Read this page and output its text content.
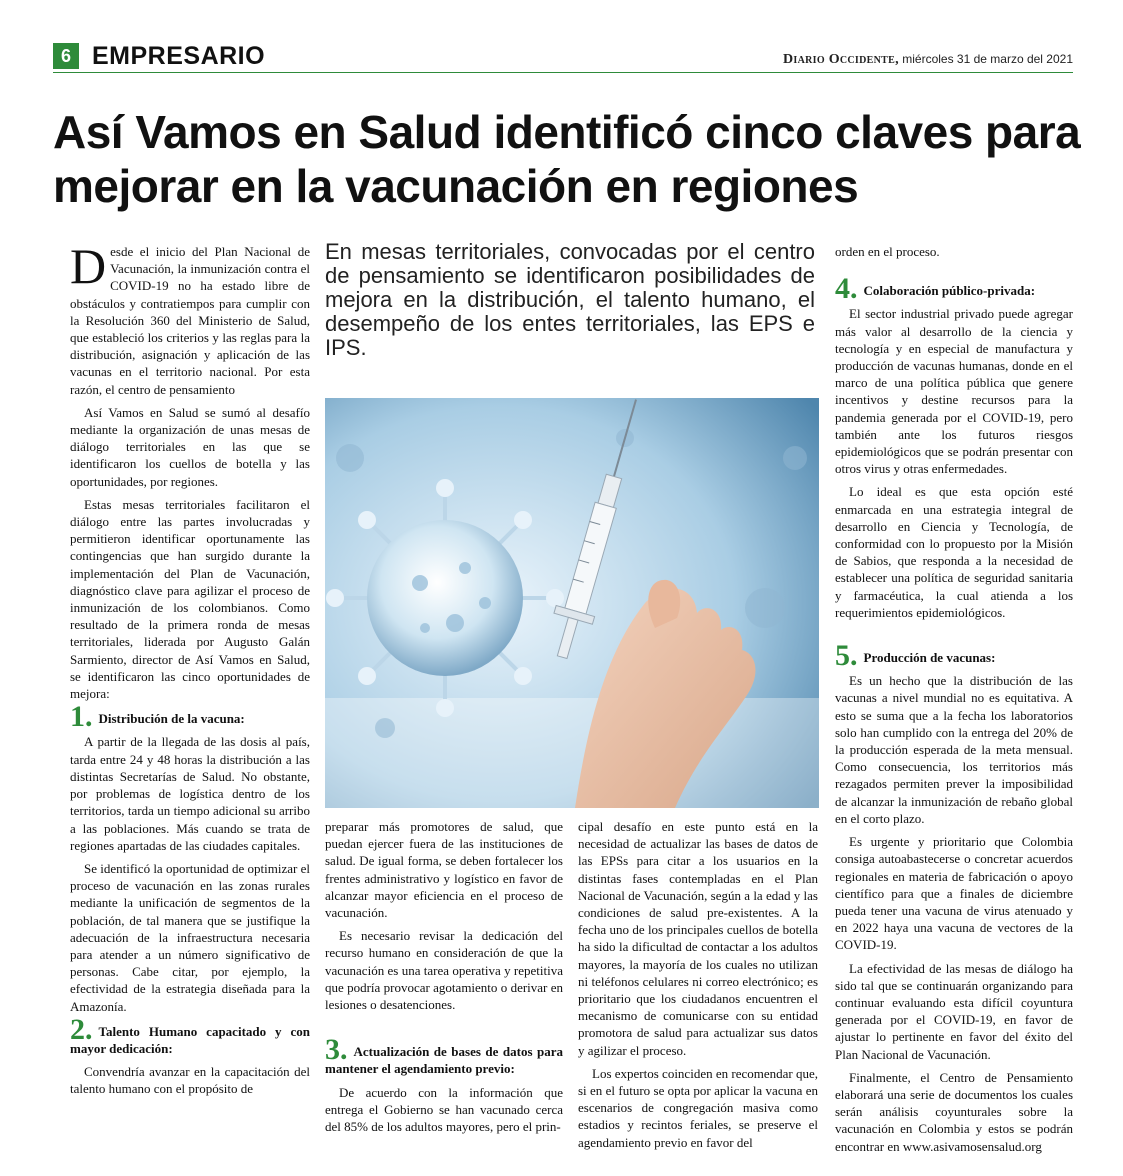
6 EMPRESARIO	Diario Occidente, miércoles 31 de marzo del 2021
Así Vamos en Salud identificó cinco claves para mejorar en la vacunación en regiones

Desde el inicio del Plan Nacional de Vacunación, la inmunización contra el COVID-19 no ha estado libre de obstáculos y contratiempos para cumplir con la Resolución 360 del Ministerio de Salud, que estableció los criterios y las reglas para la distribución, asignación y aplicación de las vacunas en el territorio nacional. Por esta razón, el centro de pensamiento

Así Vamos en Salud se sumó al desafío mediante la organización de unas mesas de diálogo territoriales en las que se identificaron los cuellos de botella y las oportunidades, por regiones.

Estas mesas territoriales facilitaron el diálogo entre las partes involucradas y permitieron identificar oportunamente las contingencias que han surgido durante la implementación del Plan de Vacunación, diagnóstico clave para agilizar el proceso de inmunización de los colombianos. Como resultado de la primera ronda de mesas territoriales, liderada por Augusto Galán Sarmiento, director de Así Vamos en Salud, se identificaron las cinco oportunidades de mejora:

1. Distribución de la vacuna:

A partir de la llegada de las dosis al país, tarda entre 24 y 48 horas la distribución a las distintas Secretarías de Salud. No obstante, por problemas de logística dentro de los territorios, tarda un tiempo adicional su arribo a las poblaciones. Más cuando se trata de regiones apartadas de las ciudades capitales.

Se identificó la oportunidad de optimizar el proceso de vacunación en las zonas rurales mediante la unificación de segmentos de la población, de tal manera que se justifique la adecuación de la infraestructura necesaria para atender a un número significativo de personas. Cabe citar, por ejemplo, la efectividad de la estrategia diseñada para la Amazonía.

2. Talento Humano capacitado y con mayor dedicación:

Convendría avanzar en la capacitación del talento humano con el propósito de

En mesas territoriales, convocadas por el centro de pensamiento se identificaron posibilidades de mejora en la distribución, el talento humano, el desempeño de los entes territoriales, las EPS e IPS.

preparar más promotores de salud, que puedan ejercer fuera de las instituciones de salud. De igual forma, se deben fortalecer los frentes administrativo y logístico en favor de alcanzar mayor eficiencia en el proceso de vacunación.

Es necesario revisar la dedicación del recurso humano en consideración de que la vacunación es una tarea operativa y repetitiva que podría provocar agotamiento o derivar en lesiones o desatenciones.

3. Actualización de bases de datos para mantener el agendamiento previo:

De acuerdo con la información que entrega el Gobierno se han vacunado cerca del 85% de los adultos mayores, pero el prin-

cipal desafío en este punto está en la necesidad de actualizar las bases de datos de las EPSs para citar a los usuarios en la distintas fases contempladas en el Plan Nacional de Vacunación, según a la edad y las condiciones de salud pre-existentes. A la fecha uno de los principales cuellos de botella ha sido la dificultad de contactar a los adultos mayores, la mayoría de los cuales no utilizan ni teléfonos celulares ni correo electrónico; es prioritario que los ciudadanos encuentren el mecanismo de comunicarse con su entidad promotora de salud para actualizar sus datos y agilizar el proceso.

Los expertos coinciden en recomendar que, si en el futuro se opta por aplicar la vacuna en escenarios de congregación masiva como estadios y recintos feriales, se preserve el agendamiento previo en favor del

orden en el proceso.

4. Colaboración público-privada:

El sector industrial privado puede agregar más valor al desarrollo de la ciencia y tecnología y en especial de manufactura y producción de vacunas humanas, donde en el marco de una política pública que genere incentivos y destine recursos para la pandemia generada por el COVID-19, pero también ante los futuros riesgos epidemiológicos que se podrán presentar con otros virus y otras enfermedades.

Lo ideal es que esta opción esté enmarcada en una estrategia integral de desarrollo en Ciencia y Tecnología, de conformidad con lo propuesto por la Misión de Sabios, que responda a la necesidad de establecer una política de seguridad sanitaria y farmacéutica, la cual atienda a los requerimientos epidemiológicos.

5. Producción de vacunas:

Es un hecho que la distribución de las vacunas a nivel mundial no es equitativa. A esto se suma que a la fecha los laboratorios solo han cumplido con la entrega del 20% de la producción esperada de la meta mensual. Como consecuencia, los territorios más rezagados permiten prever la imposibilidad de alcanzar la inmunización de rebaño global en el corto plazo.

Es urgente y prioritario que Colombia consiga autoabastecerse o concretar acuerdos regionales en materia de fabricación o apoyo científico para que a finales de diciembre pueda tener una vacuna de virus atenuado y en 2022 haya una vacuna de vectores de la COVID-19.

La efectividad de las mesas de diálogo ha sido tal que se continuarán organizando para continuar evaluando esta difícil coyuntura generada por el COVID-19, en favor de ajustar lo pertinente en favor del éxito del Plan Nacional de Vacunación.

Finalmente, el Centro de Pensamiento elaborará una serie de documentos los cuales serán análisis coyunturales sobre la vacunación en Colombia y estos se podrán encontrar en www.asivamosensalud.org
